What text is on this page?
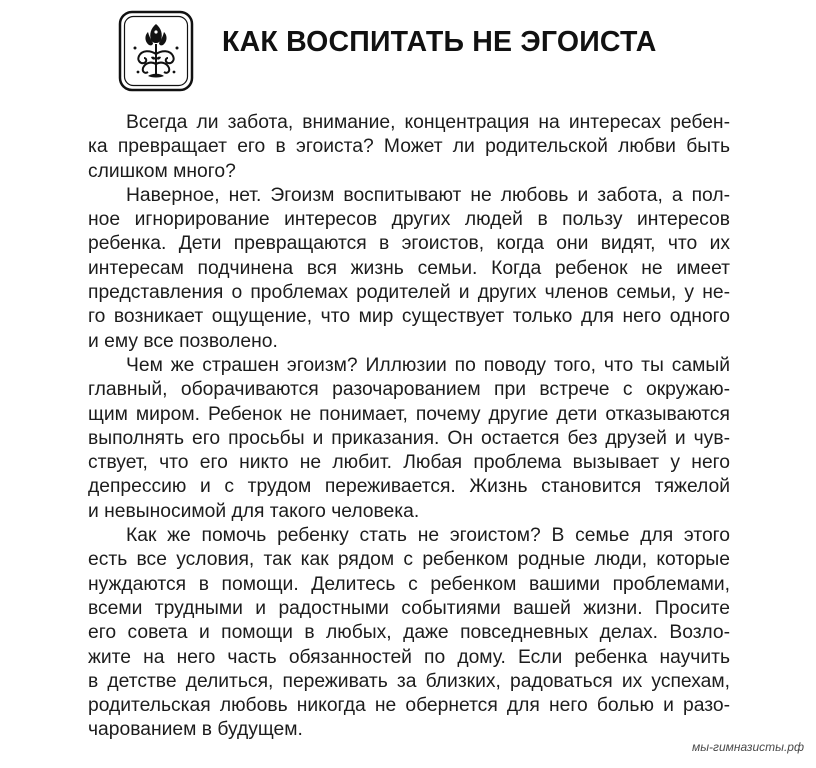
КАК ВОСПИТАТЬ НЕ ЭГОИСТА
Всегда ли забота, внимание, концентрация на интересах ребен-
ка превращает его в эгоиста? Может ли родительской любви быть
слишком много?
Наверное, нет. Эгоизм воспитывают не любовь и забота, а пол-
ное игнорирование интересов других людей в пользу интересов
ребенка. Дети превращаются в эгоистов, когда они видят, что их
интересам подчинена вся жизнь семьи. Когда ребенок не имеет
представления о проблемах родителей и других членов семьи, у не-
го возникает ощущение, что мир существует только для него одного
и ему все позволено.
Чем же страшен эгоизм? Иллюзии по поводу того, что ты самый
главный, оборачиваются разочарованием при встрече с окружаю-
щим миром. Ребенок не понимает, почему другие дети отказываются
выполнять его просьбы и приказания. Он остается без друзей и чув-
ствует, что его никто не любит. Любая проблема вызывает у него
депрессию и с трудом переживается. Жизнь становится тяжелой
и невыносимой для такого человека.
Как же помочь ребенку стать не эгоистом? В семье для этого
есть все условия, так как рядом с ребенком родные люди, которые
нуждаются в помощи. Делитесь с ребенком вашими проблемами,
всеми трудными и радостными событиями вашей жизни. Просите
его совета и помощи в любых, даже повседневных делах. Возло-
жите на него часть обязанностей по дому. Если ребенка научить
в детстве делиться, переживать за близких, радоваться их успехам,
родительская любовь никогда не обернется для него болью и разо-
чарованием в будущем.
мы-гимназисты.рф
